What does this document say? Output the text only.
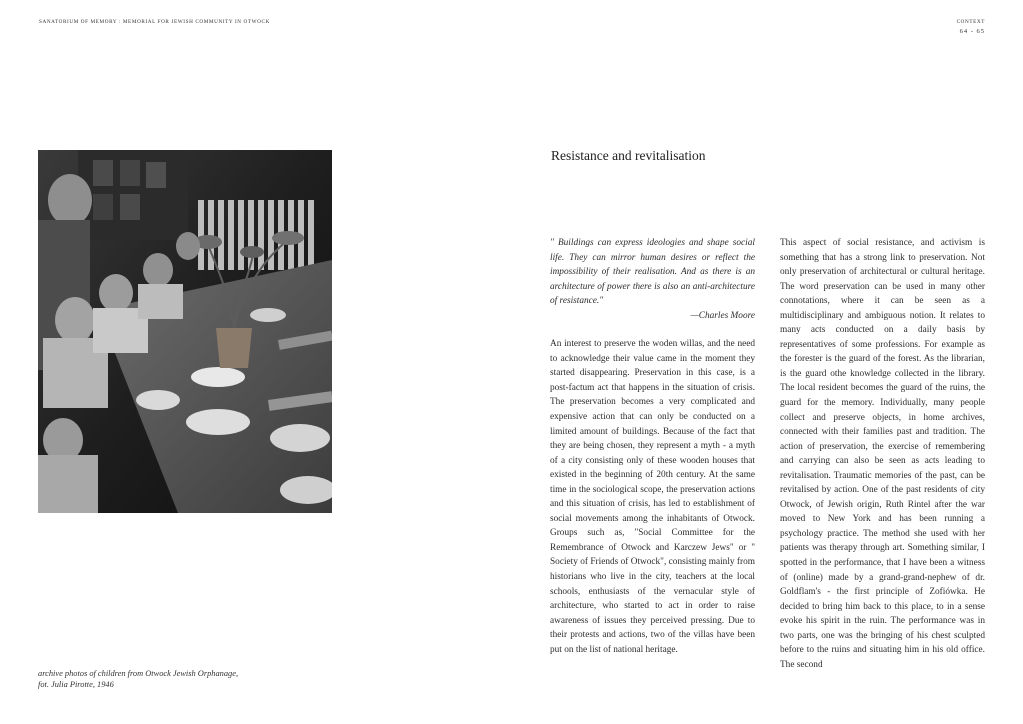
SANATORIUM OF MEMORY : MEMORIAL FOR JEWISH COMMUNITY IN OTWOCK	CONTEXT
64 - 65
archive photos of children from Otwock Jewish Orphanage,
fot. Julia Pirotte, 1946
Resistance and revitalisation

" Buildings can express ideologies and shape social life. They can mirror human desires or reflect the impossibility of their realisation. And as there is an architecture of power there is also an anti-architecture of resistance."

—Charles Moore

An interest to preserve the woden willas, and the need to acknowledge their value came in the moment they started disappearing. Preservation in this case, is a post-factum act that happens in the situation of crisis. The preservation becomes a very complicated and expensive action that can only be conducted on a limited amount of buildings. Because of the fact that they are being chosen, they represent a myth - a myth of a city consisting only of these wooden houses that existed in the beginning of 20th century. At the same time in the sociological scope, the preservation actions and this situation of crisis, has led to establishment of social movements among the inhabitants of Otwock. Groups such as, "Social Committee for the Remembrance of Otwock and Karczew Jews" or " Society of Friends of Otwock", consisting mainly from historians who live in the city, teachers at the local schools, enthusiasts of the vernacular style of architecture, who started to act in order to raise awareness of issues they perceived pressing. Due to their protests and actions, two of the villas have been put on the list of national heritage.

This aspect of social resistance, and activism is something that has a strong link to preservation. Not only preservation of architectural or cultural heritage. The word preservation can be used in many other connotations, where it can be seen as a multidisciplinary and ambiguous notion. It relates to many acts conducted on a daily basis by representatives of some professions. For example as the forester is the guard of the forest. As the librarian, is the guard othe knowledge collected in the library. The local resident becomes the guard of the ruins, the guard for the memory. Individually, many people collect and preserve objects, in home archives, connected with their families past and tradition. The action of preservation, the exercise of remembering and carrying can also be seen as acts leading to revitalisation. Traumatic memories of the past, can be revitalised by action. One of the past residents of city Otwock, of Jewish origin, Ruth Rintel after the war moved to New York and has been running a psychology practice. The method she used with her patients was therapy through art. Something similar, I spotted in the performance, that I have been a witness of (online) made by a grand-grand-nephew of dr. Goldflam's - the first principle of Zofiówka. He decided to bring him back to this place, to in a sense evoke his spirit in the ruin. The performance was in two parts, one was the bringing of his chest sculpted before to the ruins and situating him in his old office. The second
